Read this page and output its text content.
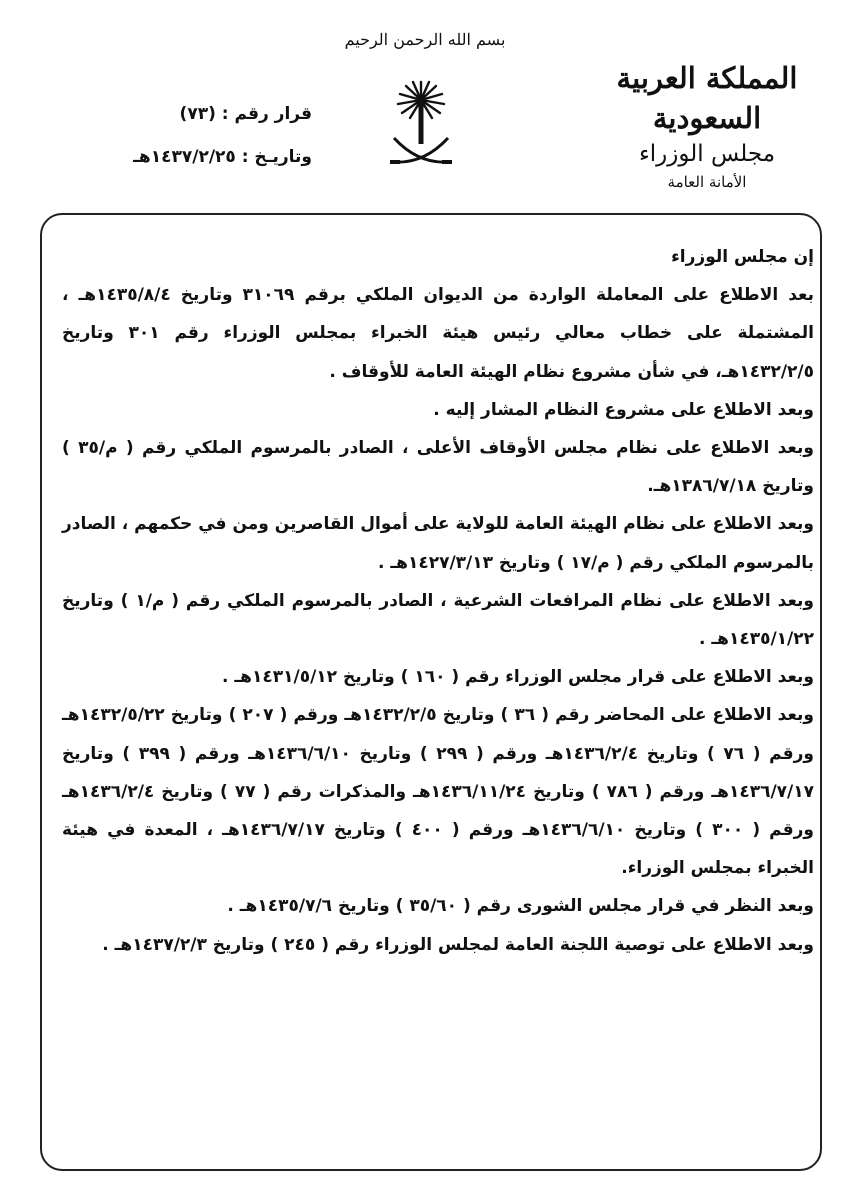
بسم الله الرحمن الرحيم
المملكة العربية السعودية
مجلس الوزراء
الأمانة العامة
قرار رقم : (٧٣)
وتاريـخ : ١٤٣٧/٢/٢٥هـ
إن مجلس الوزراء
بعد الاطلاع على المعاملة الواردة من الديوان الملكي برقم ٣١٠٦٩ وتاريخ ١٤٣٥/٨/٤هـ ، المشتملة على خطاب معالي رئيس هيئة الخبراء بمجلس الوزراء رقم ٣٠١ وتاريخ ١٤٣٢/٢/٥هـ، في شأن مشروع نظام الهيئة العامة للأوقاف .
وبعد الاطلاع على مشروع النظام المشار إليه .
وبعد الاطلاع على نظام مجلس الأوقاف الأعلى ، الصادر بالمرسوم الملكي رقم ( م/٣٥ ) وتاريخ ١٣٨٦/٧/١٨هـ.
وبعد الاطلاع على نظام الهيئة العامة للولاية على أموال القاصرين ومن في حكمهم ، الصادر بالمرسوم الملكي رقم ( م/١٧ ) وتاريخ ١٤٢٧/٣/١٣هـ .
وبعد الاطلاع على نظام المرافعات الشرعية ، الصادر بالمرسوم الملكي رقم ( م/١ ) وتاريخ ١٤٣٥/١/٢٢هـ .
وبعد الاطلاع على قرار مجلس الوزراء رقم ( ١٦٠ ) وتاريخ ١٤٣١/٥/١٢هـ .
وبعد الاطلاع على المحاضر رقم ( ٣٦ ) وتاريخ ١٤٣٢/٢/٥هـ ورقم ( ٢٠٧ ) وتاريخ ١٤٣٢/٥/٢٢هـ ورقم ( ٧٦ ) وتاريخ ١٤٣٦/٢/٤هـ ورقم ( ٢٩٩ ) وتاريخ ١٤٣٦/٦/١٠هـ ورقم ( ٣٩٩ ) وتاريخ ١٤٣٦/٧/١٧هـ ورقم ( ٧٨٦ ) وتاريخ ١٤٣٦/١١/٢٤هـ والمذكرات رقم ( ٧٧ ) وتاريخ ١٤٣٦/٢/٤هـ ورقم ( ٣٠٠ ) وتاريخ ١٤٣٦/٦/١٠هـ ورقم ( ٤٠٠ ) وتاريخ ١٤٣٦/٧/١٧هـ ، المعدة في هيئة الخبراء بمجلس الوزراء.
وبعد النظر في قرار مجلس الشورى رقم ( ٣٥/٦٠ ) وتاريخ ١٤٣٥/٧/٦هـ .
وبعد الاطلاع على توصية اللجنة العامة لمجلس الوزراء رقم ( ٢٤٥ ) وتاريخ ١٤٣٧/٢/٣هـ .
